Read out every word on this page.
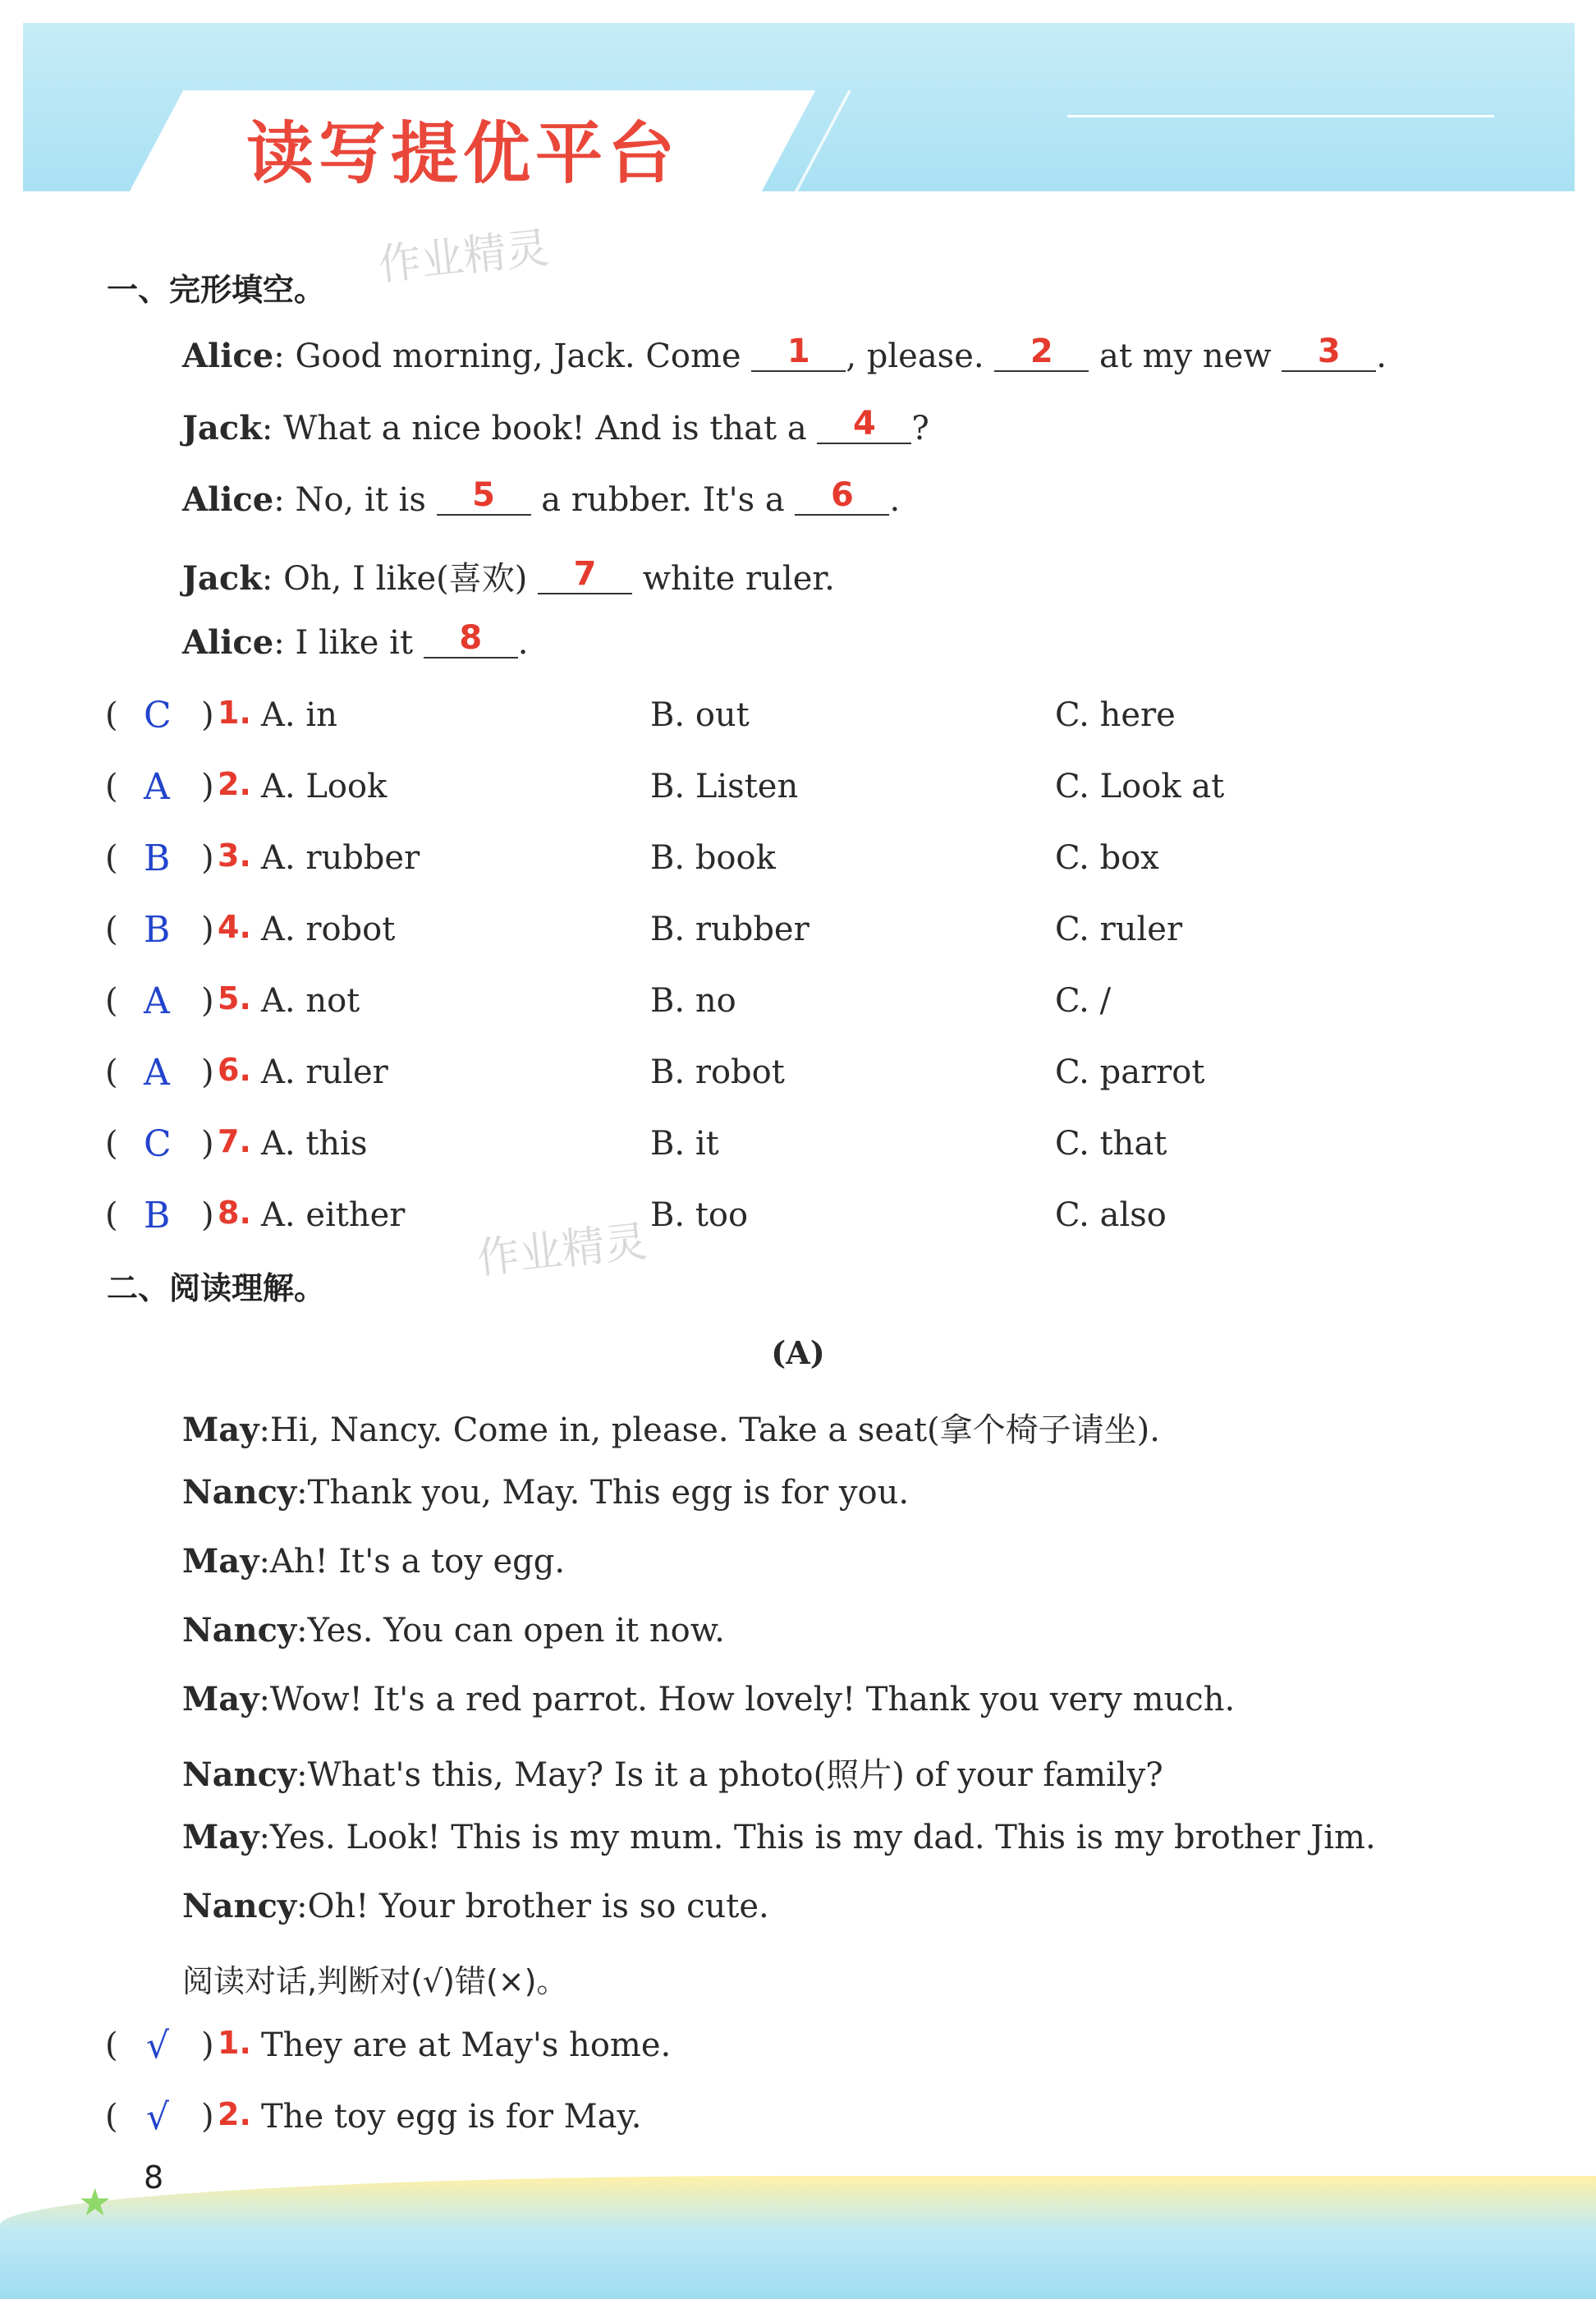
读写提优平台
作业精灵
作业精灵
一、完形填空。
Alice: Good morning, Jack. Come 1 , please. 2 at my new 3 .
Jack: What a nice book! And is that a 4 ?
Alice: No, it is 5 a rubber. It's a 6 .
Jack: Oh, I like(喜欢) 7 white ruler.
Alice: I like it 8 .
( C ) 1. A. in	B. out	C. here
( A ) 2. A. Look	B. Listen	C. Look at
( B ) 3. A. rubber	B. book	C. box
( B ) 4. A. robot	B. rubber	C. ruler
( A ) 5. A. not	B. no	C. /
( A ) 6. A. ruler	B. robot	C. parrot
( C ) 7. A. this	B. it	C. that
( B ) 8. A. either	B. too	C. also
二、阅读理解。
(A)
May:Hi, Nancy. Come in, please. Take a seat(拿个椅子请坐).
Nancy:Thank you, May. This egg is for you.
May:Ah! It's a toy egg.
Nancy:Yes. You can open it now.
May:Wow! It's a red parrot. How lovely! Thank you very much.
Nancy:What's this, May? Is it a photo(照片) of your family?
May:Yes. Look! This is my mum. This is my dad. This is my brother Jim.
Nancy:Oh! Your brother is so cute.
阅读对话,判断对(√)错(×)。
( √ ) 1. They are at May's home.
( √ ) 2. The toy egg is for May.
★
8
